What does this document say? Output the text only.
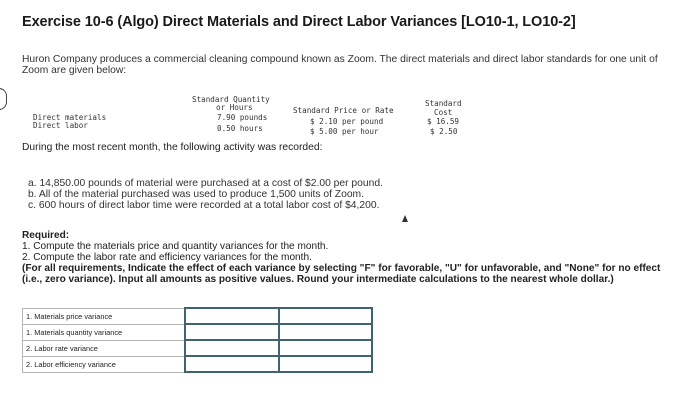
Exercise 10-6 (Algo) Direct Materials and Direct Labor Variances [LO10-1, LO10-2]
Huron Company produces a commercial cleaning compound known as Zoom. The direct materials and direct labor standards for one unit of Zoom are given below:
Standard Quantity
or Hours	Standard Price or Rate
Standard
Cost
Direct materials	7.90 pounds	$ 2.10 per pound	$ 16.59
Direct labor	0.50 hours	$ 5.00 per hour	$ 2.50
During the most recent month, the following activity was recorded:
a. 14,850.00 pounds of material were purchased at a cost of $2.00 per pound.
b. All of the material purchased was used to produce 1,500 units of Zoom.
c. 600 hours of direct labor time were recorded at a total labor cost of $4,200.
Required:
1. Compute the materials price and quantity variances for the month.
2. Compute the labor rate and efficiency variances for the month.
(For all requirements, Indicate the effect of each variance by selecting "F" for favorable, "U" for unfavorable, and "None" for no effect (i.e., zero variance). Input all amounts as positive values. Round your intermediate calculations to the nearest whole dollar.)
1. Materials price variance		
1. Materials quantity variance		
2. Labor rate variance		
2. Labor efficiency variance		
